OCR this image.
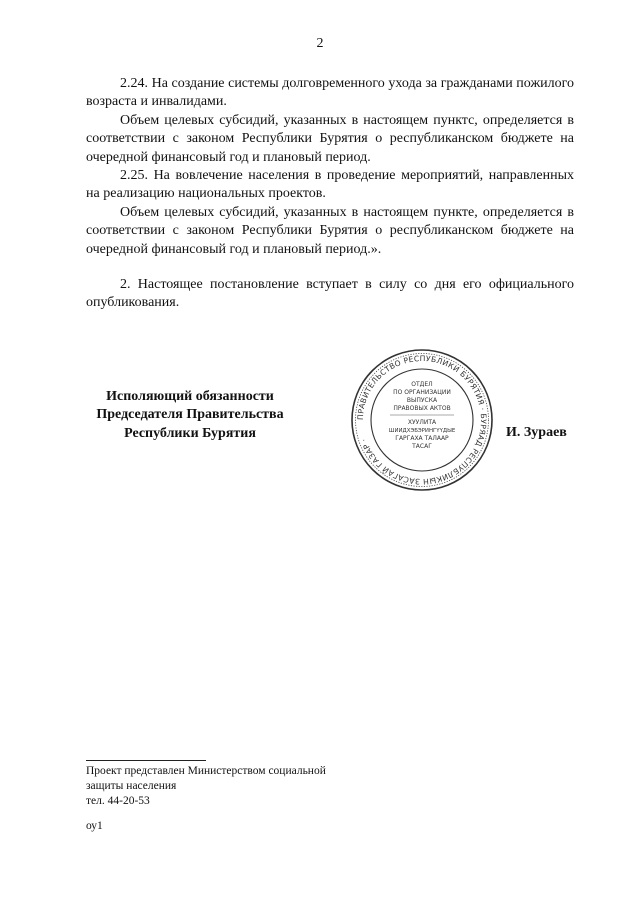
2

2.24. На создание системы долговременного ухода за гражданами пожилого возраста и инвалидами.

Объем целевых субсидий, указанных в настоящем пунктс, определяется в соответствии с законом Республики Бурятия о республиканском бюджете на очередной финансовый год и плановый период.

2.25. На вовлечение населения в проведение мероприятий, направленных на реализацию национальных проектов.

Объем целевых субсидий, указанных в настоящем пункте, определяется в соответствии с законом Республики Бурятия о республиканском бюджете на очередной финансовый год и плановый период.».

2. Настоящее постановление вступает в силу со дня его официального опубликования.

Исполяющий обязанности
Председателя Правительства
Республики Бурятия
ПРАВИТЕЛЬСТВО РЕСПУБЛИКИ БУРЯТИЯ · БУРЯАД РЕСПУБЛИКЫН ЗАСАГАЙ ГАЗАР ·
ОТДЕЛ
ПО ОРГАНИЗАЦИИ
ВЫПУСКА
ПРАВОВЫХ АКТОВ
ХУУЛИТА
ШИИДХЭБЭРИНГҮҮДЫЕ
ГАРГАХА ТАЛААР
ТАСАГ
И. Зураев
Проект представлен Министерством социальной
защиты населения
тел. 44-20-53
оу1
